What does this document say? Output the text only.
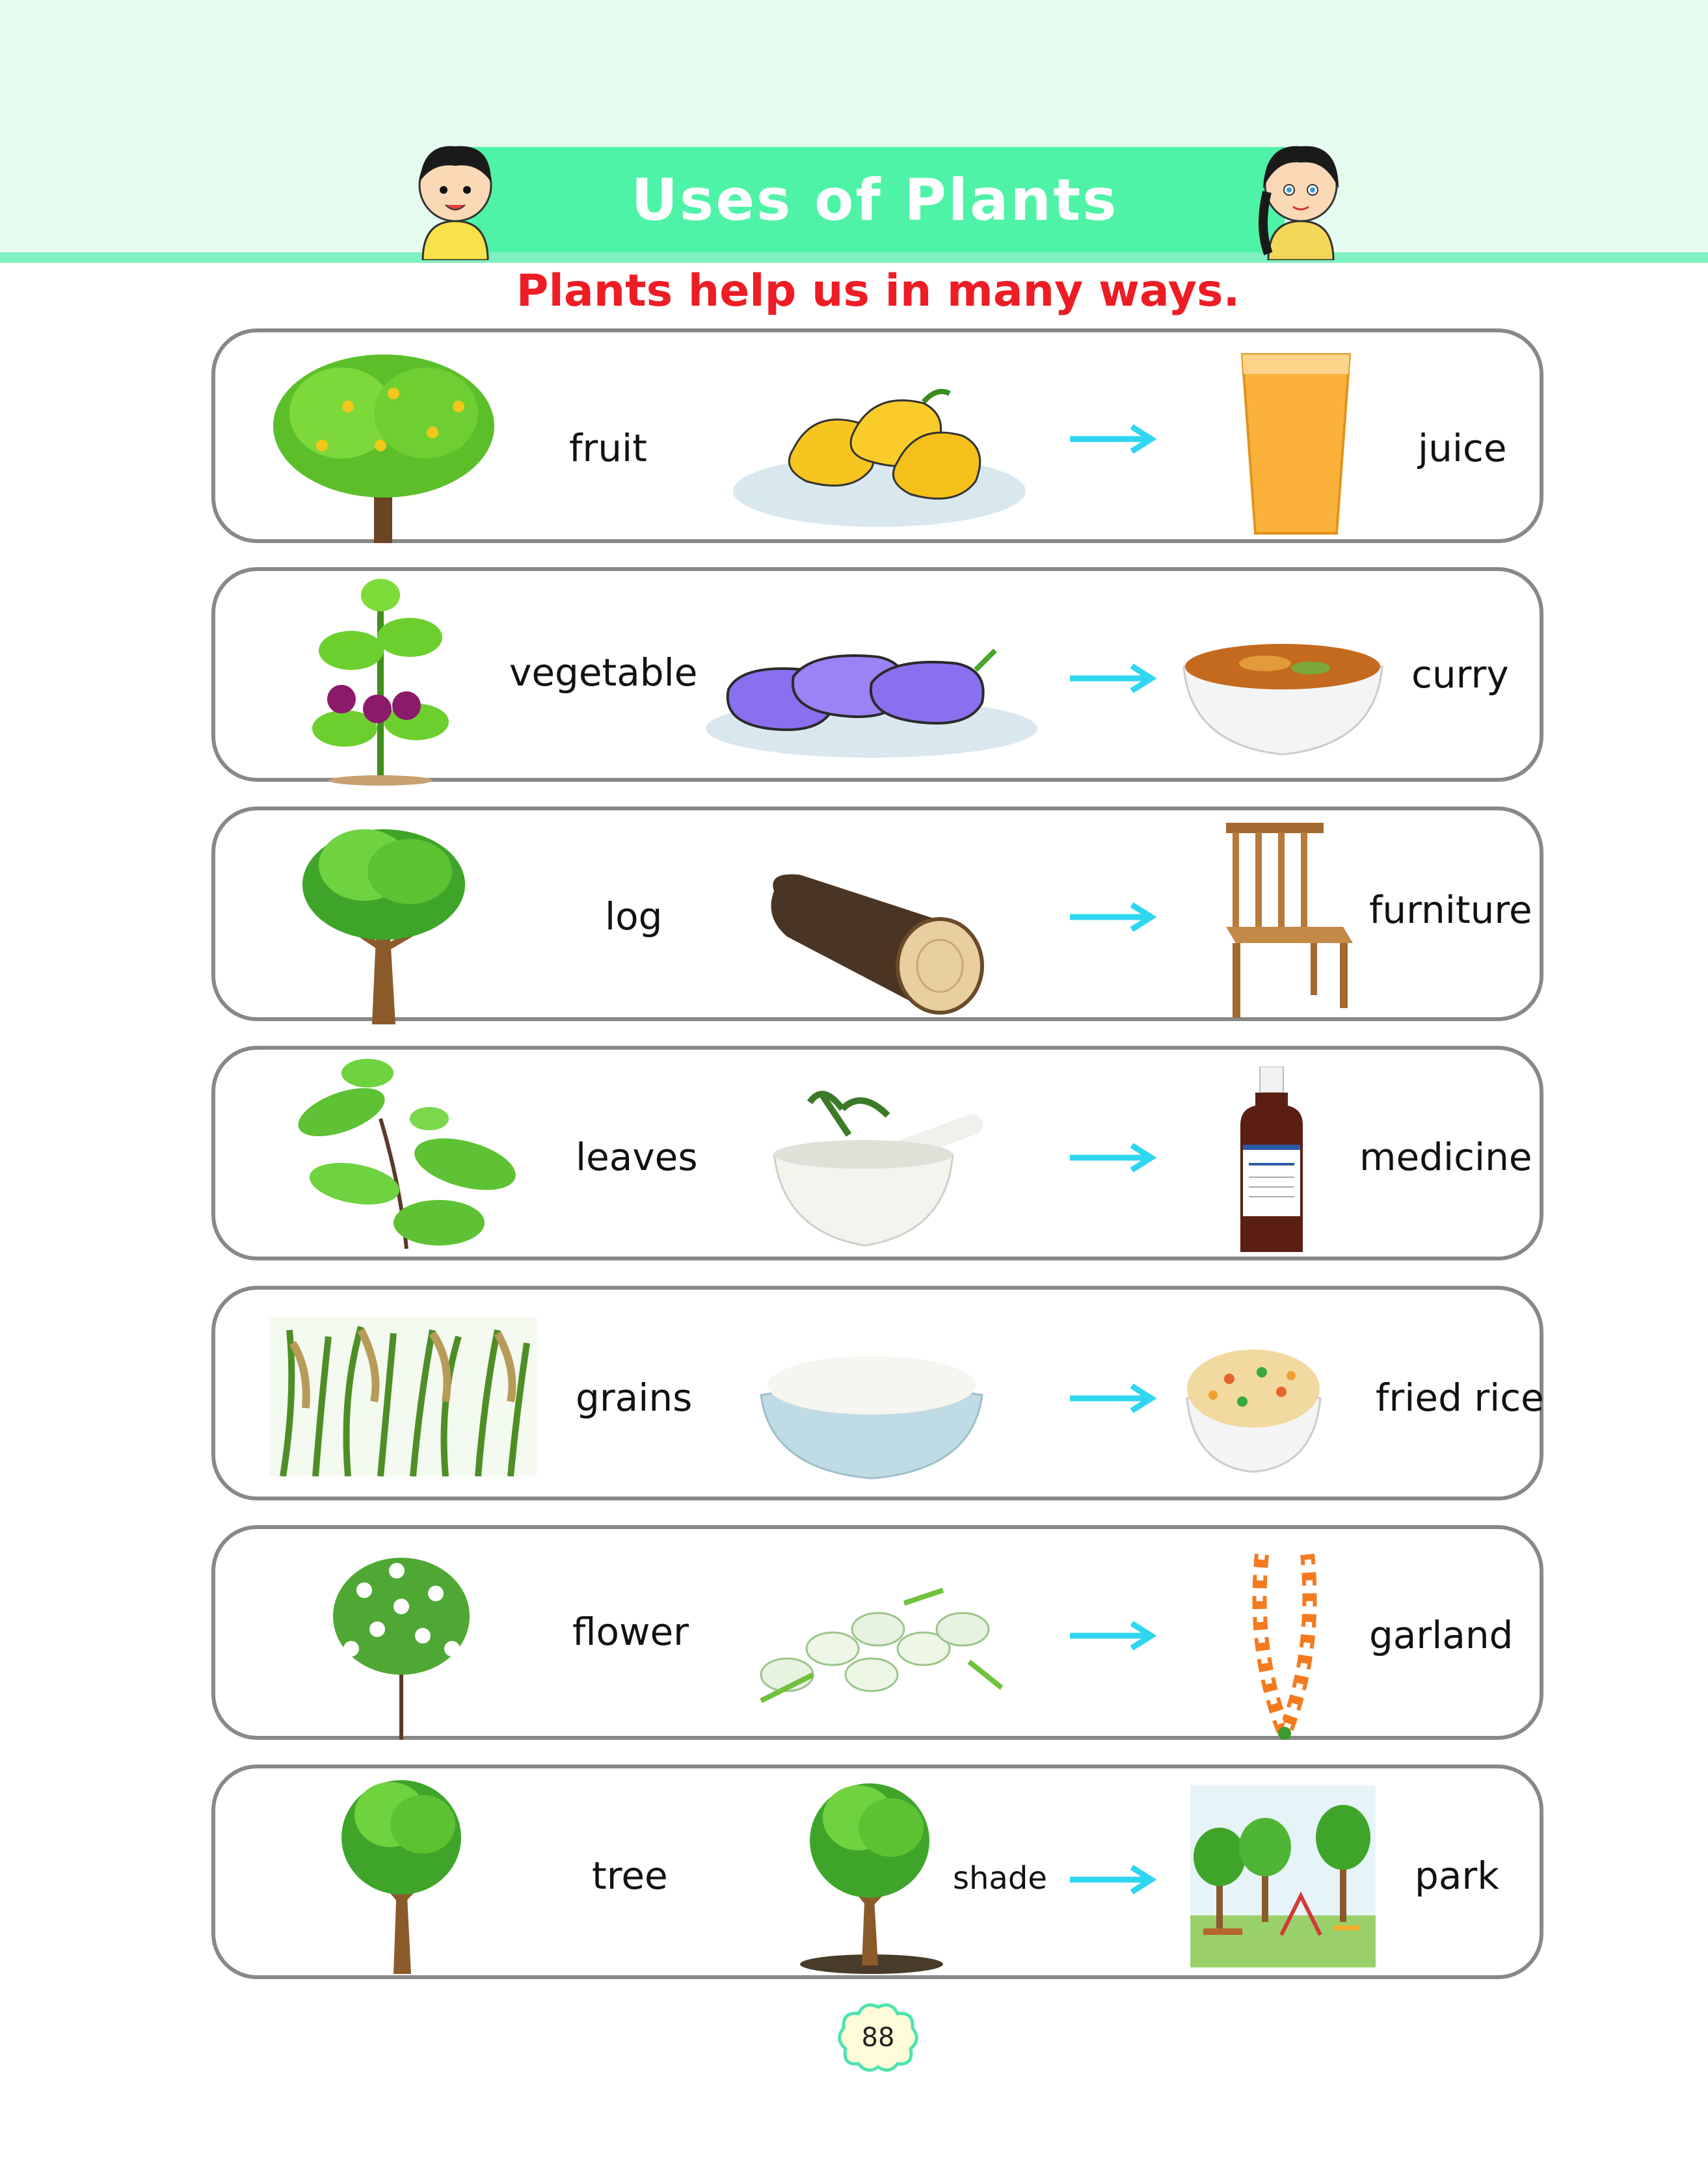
Uses of Plants
Plants help us in many ways.
fruit	juice
vegetable	curry
log	furniture
leaves	medicine
grains	fried rice
flower	garland
tree	shade	park
88
